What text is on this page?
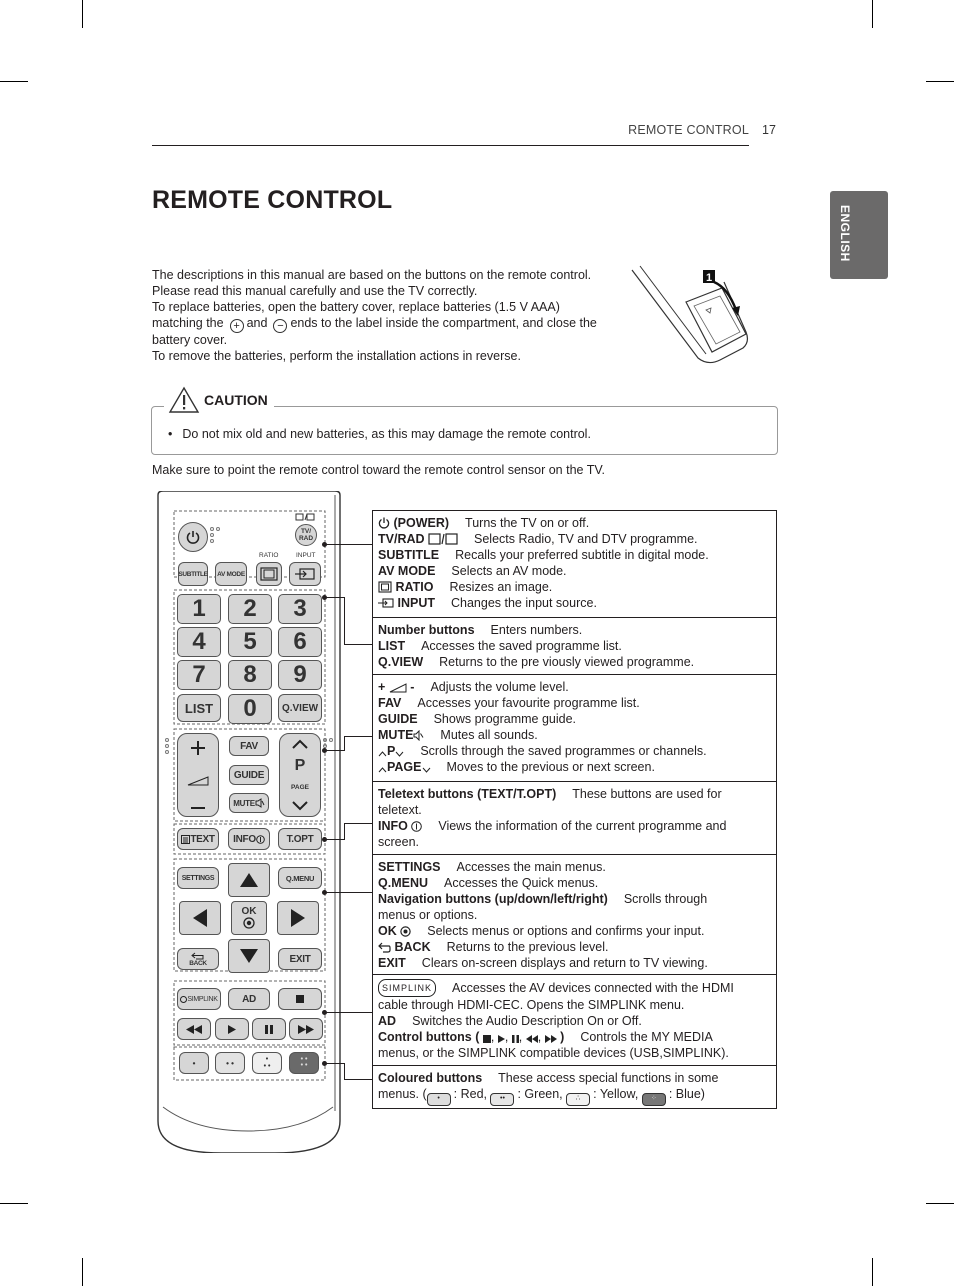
REMOTE CONTROL 17
ENGLISH
REMOTE CONTROL

The descriptions in this manual are based on the buttons on the remote control.

Please read this manual carefully and use the TV correctly.

To replace batteries, open the battery cover, replace batteries (1.5 V AAA)

matching the + and − ends to the label inside the compartment, and close the

battery cover.

To remove the batteries, perform the installation actions in reverse.

1
CAUTION
• Do not mix old and new batteries, as this may damage the remote control.
Make sure to point the remote control toward the remote control sensor on the TV.
TV/
RAD
RATIO	INPUT
SUBTITLE	AV MODE
1	2	3
4	5	6
7	8	9
LIST	0	Q.VIEW
FAV
GUIDE
MUTE
P
PAGE
TEXT INFO	T.OPT
SETTINGS	Q.MENU
OK
BACK	EXIT
SIMPLINK	AD
•	• •	•
• •
• •
• •
(POWER) Turns the TV on or off.
TV/RAD	Selects Radio, TV and DTV programme.
SUBTITLE Recalls your preferred subtitle in digital mode.
AV MODE Selects an AV mode.
RATIO Resizes an image.
INPUT Changes the input source.
Number buttons Enters numbers.
LIST Accesses the saved programme list.
Q.VIEW Returns to the pre viously viewed programme.
+ - Adjusts the volume level.
FAV Accesses your favourite programme list.
GUIDE Shows programme guide.
MUTE Mutes all sounds.
P Scrolls through the saved programmes or channels.
PAGE Moves to the previous or next screen.
Teletext buttons (TEXT/T.OPT) These buttons are used for
teletext.
INFO Views the information of the current programme and
screen.
SETTINGS Accesses the main menus.
Q.MENU Accesses the Quick menus.
Navigation buttons (up/down/left/right) Scrolls through
menus or options.
OK Selects menus or options and confirms your input.
BACK Returns to the previous level.
EXIT Clears on-screen displays and return to TV viewing.
SIMPLINK Accesses the AV devices connected with the HDMI
cable through HDMI-CEC. Opens the SIMPLINK menu.
AD Switches the Audio Description On or Off.
Control buttons ( , , , ,  ) Controls the MY MEDIA
menus, or the SIMPLINK compatible devices (USB,SIMPLINK).
Coloured buttons These access special functions in some
menus. ( • : Red, •• : Green, ∴ : Yellow, ⁘ : Blue)
